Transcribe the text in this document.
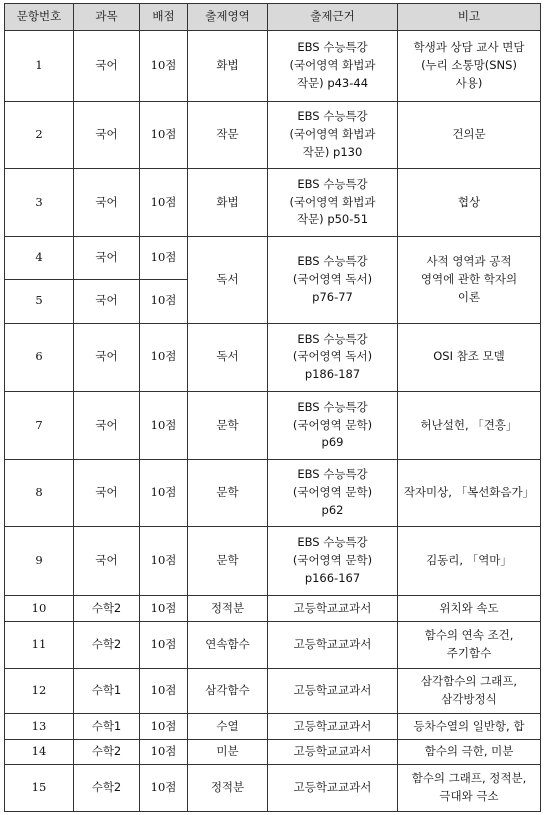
문항번호	과목	배점	출제영역	출제근거	비고
1	국어	10점	화법	EBS 수능특강
(국어영역 화법과
작문) p43-44	학생과 상담 교사 면담
(누리 소통망(SNS)
사용)
2	국어	10점	작문	EBS 수능특강
(국어영역 화법과
작문) p130	건의문
3	국어	10점	화법	EBS 수능특강
(국어영역 화법과
작문) p50-51	협상
4	국어	10점	독서	EBS 수능특강
(국어영역 독서)
p76-77	사적 영역과 공적
영역에 관한 학자의
이론
5	국어	10점			
6	국어	10점	독서	EBS 수능특강
(국어영역 독서)
p186-187	OSI 참조 모델
7	국어	10점	문학	EBS 수능특강
(국어영역 문학)
p69	허난설헌, 「견흥」
8	국어	10점	문학	EBS 수능특강
(국어영역 문학)
p62	작자미상, 「복선화음가」
9	국어	10점	문학	EBS 수능특강
(국어영역 문학)
p166-167	김동리, 「역마」
10	수학2	10점	정적분	고등학교교과서	위치와 속도
11	수학2	10점	연속함수	고등학교교과서	함수의 연속 조건,
주기함수
12	수학1	10점	삼각함수	고등학교교과서	삼각함수의 그래프,
삼각방정식
13	수학1	10점	수열	고등학교교과서	등차수열의 일반항, 합
14	수학2	10점	미분	고등학교교과서	함수의 극한, 미분
15	수학2	10점	정적분	고등학교교과서	함수의 그래프, 정적분,
극대와 극소
